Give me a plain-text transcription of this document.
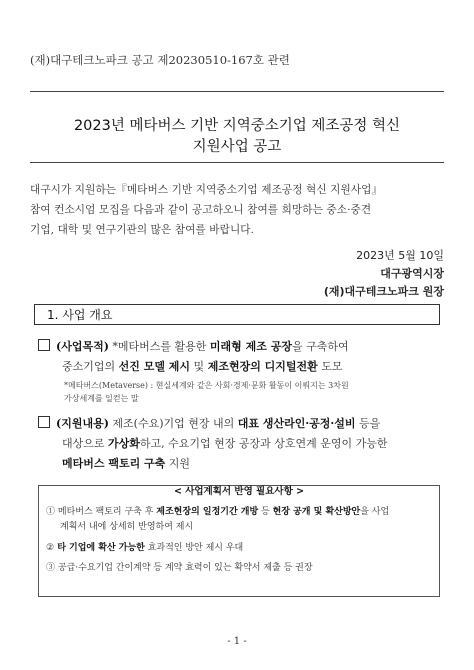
(재)대구테크노파크 공고 제20230510-167호 관련
2023년 메타버스 기반 지역중소기업 제조공정 혁신
지원사업 공고
대구시가 지원하는『메타버스 기반 지역중소기업 제조공정 혁신 지원사업』
참여 컨소시엄 모집을 다음과 같이 공고하오니 참여를 희망하는 중소·중견
기업, 대학 및 연구기관의 많은 참여를 바랍니다.
2023년 5월 10일
대구광역시장
(재)대구테크노파크 원장
1. 사업 개요
(사업목적) *메타버스를 활용한 미래형 제조 공장을 구축하여
중소기업의 선진 모델 제시 및 제조현장의 디지털전환 도모
*메타버스(Metaverse) : 현실세계와 같은 사회·경제·문화 활동이 이뤄지는 3차원
가상세계를 일컫는 말
(지원내용) 제조(수요)기업 현장 내의 대표 생산라인·공정·설비 등을
대상으로 가상화하고, 수요기업 현장 공장과 상호연계 운영이 가능한
메타버스 팩토리 구축 지원
< 사업계획서 반영 필요사항 >
① 메타버스 팩토리 구축 후 제조현장의 일정기간 개방 등 현장 공개 및 확산방안을 사업
계획서 내에 상세히 반영하여 제시
② 타 기업에 확산 가능한 효과적인 방안 제시 우대
③ 공급·수요기업 간이계약 등 계약 효력이 있는 확약서 제출 등 권장
- 1 -
